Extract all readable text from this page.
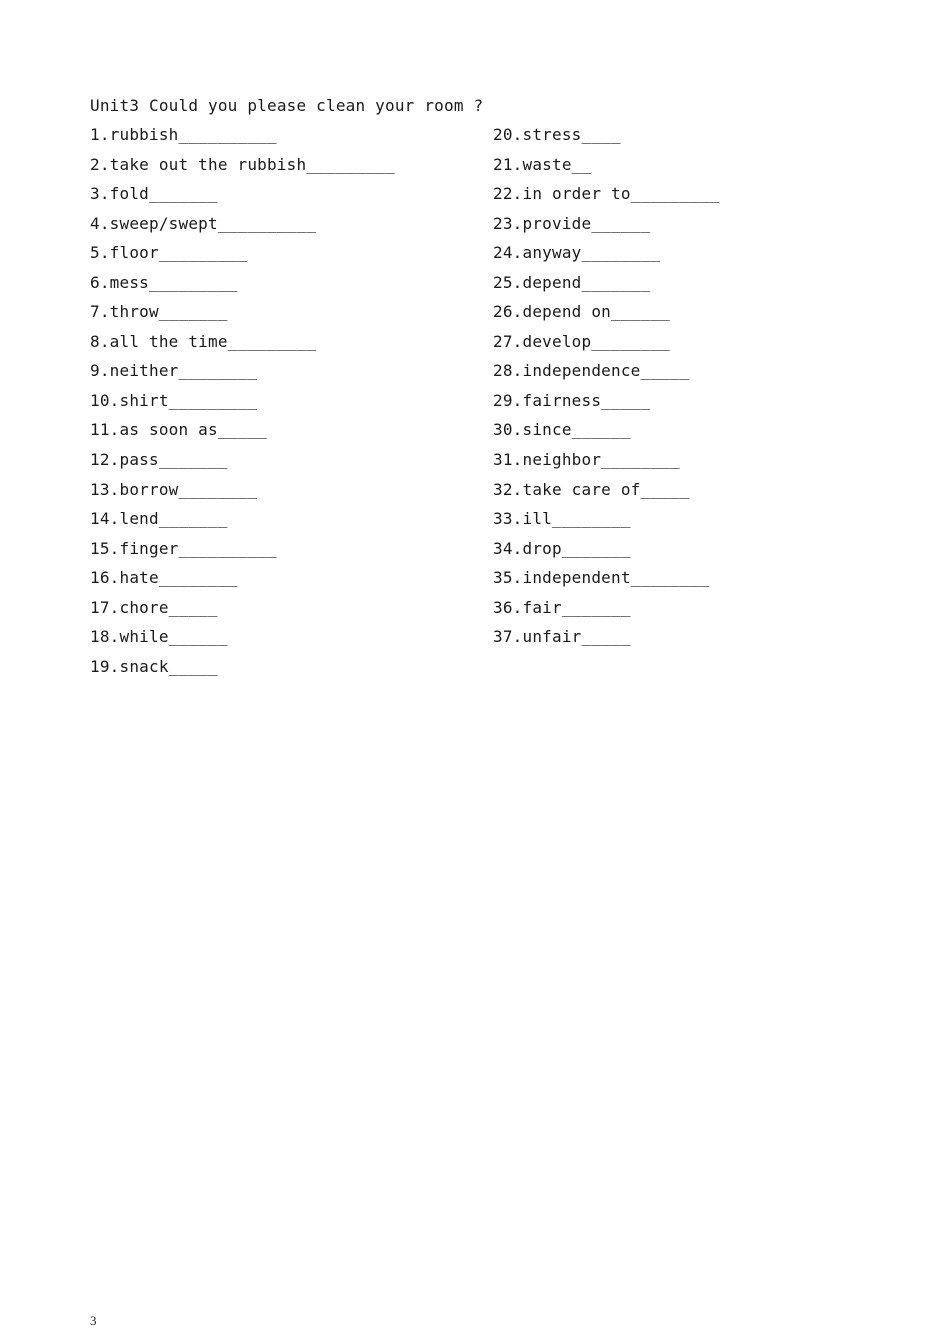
Unit3 Could you please clean your room ?
1.rubbish__________
2.take out the rubbish_________
3.fold_______
4.sweep/swept__________
5.floor_________
6.mess_________
7.throw_______
8.all the time_________
9.neither________
10.shirt_________
11.as soon as_____
12.pass_______
13.borrow________
14.lend_______
15.finger__________
16.hate________
17.chore_____
18.while______
19.snack_____
20.stress____
21.waste__
22.in order to_________
23.provide______
24.anyway________
25.depend_______
26.depend on______
27.develop________
28.independence_____
29.fairness_____
30.since______
31.neighbor________
32.take care of_____
33.ill________
34.drop_______
35.independent________
36.fair_______
37.unfair_____
3
